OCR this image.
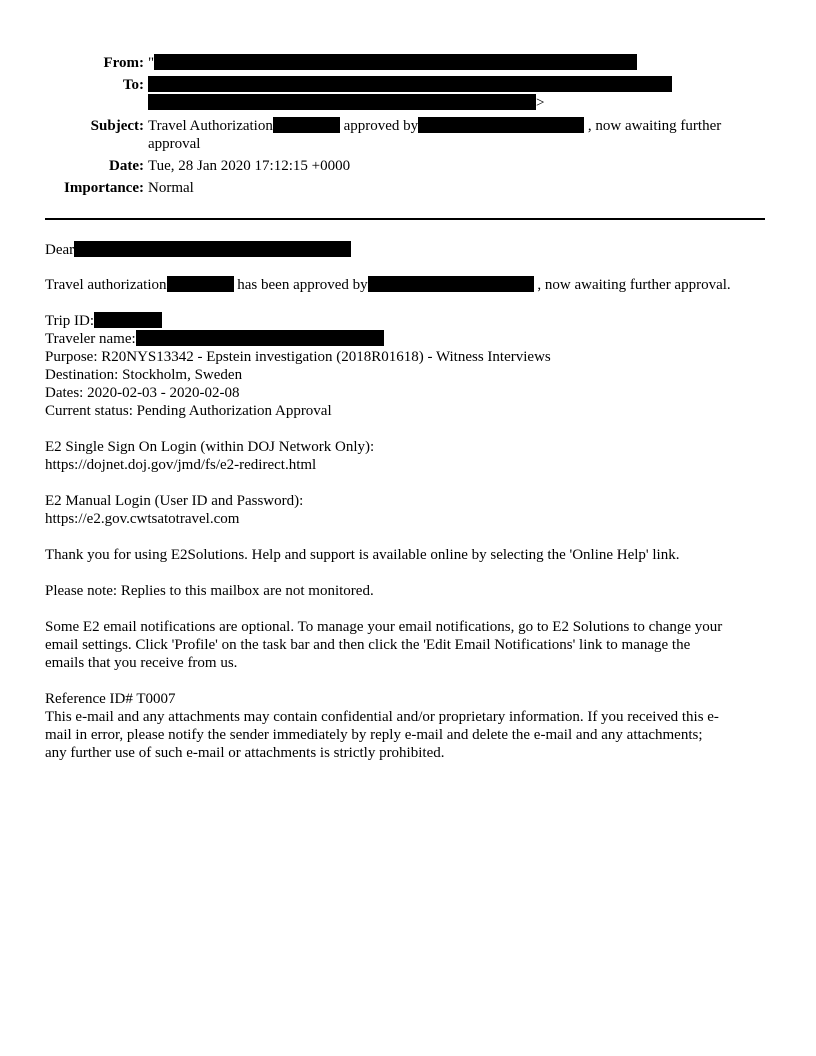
From: "
To:
>
Subject: Travel Authorization	approved by	, now awaiting further approval
Date: Tue, 28 Jan 2020 17:12:15 +0000
Importance: Normal

Dear

Travel authorization	has been approved by	, now awaiting further approval.

Trip ID:
Traveler name:
Purpose: R20NYS13342 - Epstein investigation (2018R01618) - Witness Interviews
Destination: Stockholm, Sweden
Dates: 2020-02-03 - 2020-02-08
Current status: Pending Authorization Approval

E2 Single Sign On Login (within DOJ Network Only):
https://dojnet.doj.gov/jmd/fs/e2-redirect.html

E2 Manual Login (User ID and Password):
https://e2.gov.cwtsatotravel.com

Thank you for using E2Solutions. Help and support is available online by selecting the 'Online Help' link.

Please note: Replies to this mailbox are not monitored.

Some E2 email notifications are optional. To manage your email notifications, go to E2 Solutions to change your
email settings. Click 'Profile' on the task bar and then click the 'Edit Email Notifications' link to manage the
emails that you receive from us.

Reference ID# T0007
This e-mail and any attachments may contain confidential and/or proprietary information. If you received this e-
mail in error, please notify the sender immediately by reply e-mail and delete the e-mail and any attachments;
any further use of such e-mail or attachments is strictly prohibited.
